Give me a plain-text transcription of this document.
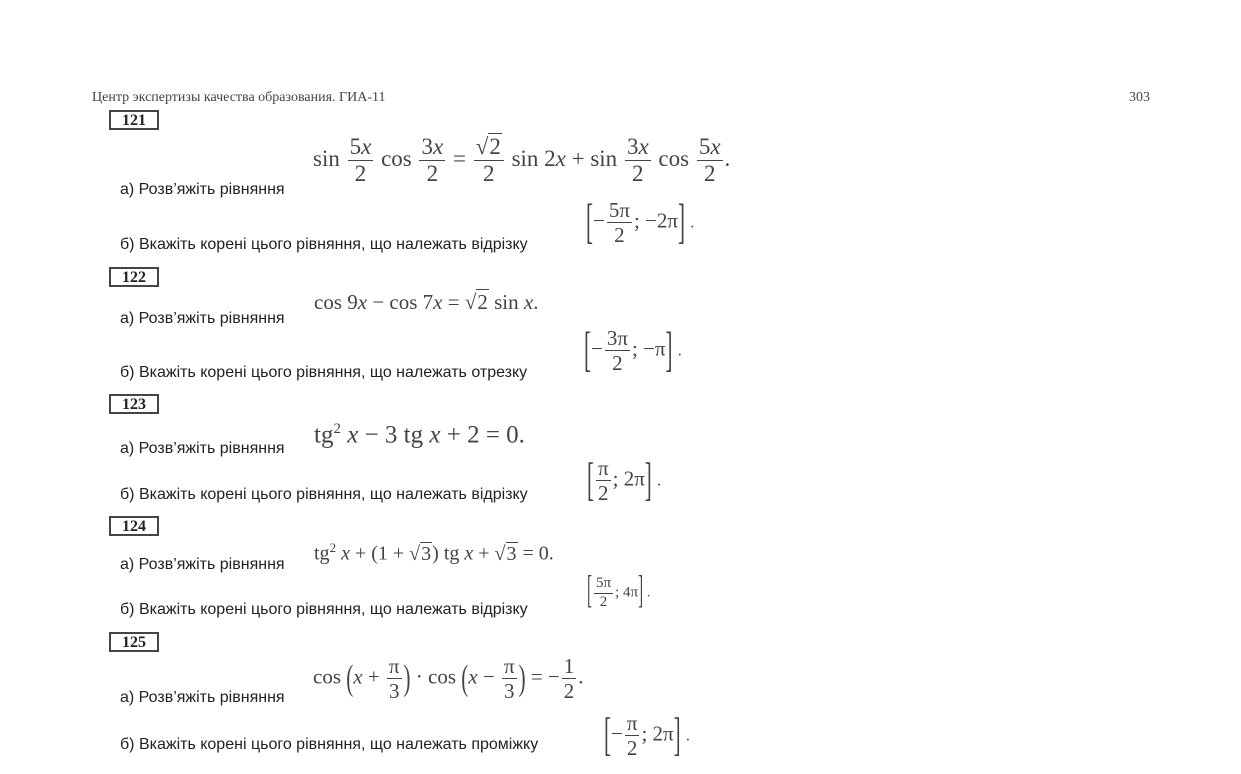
Центр экспертизы качества образования. ГИА-11	303
121
$\sin \frac{5x}{2}$ $\cos \frac{3x}{2} = \frac{√2}{2}$ $\sin 2x + \sin \frac{3x}{2}$ $\cos \frac{5x}{2}$ .
а) Розв’яжіть рівняння
[− $\frac{5\pi}{2}$ ; −2π] .
б) Вкажіть корені цього рівняння, що належать відрізку
122
cos 9x − cos 7x = √2 sin x.
а) Розв’яжіть рівняння
[− $\frac{3\pi}{2}$ ; −π] .
б) Вкажіть корені цього рівняння, що належать отрезку
123
$tg^2$ x − 3 tg x + 2 = 0.
а) Розв’яжіть рівняння
[ $\frac{\pi}{2}$ ; 2π] .
б) Вкажіть корені цього рівняння, що належать відрізку
124
$tg^2$ x + (1 + √3) tg x + √3 = 0.
а) Розв’яжіть рівняння
[ $\frac{5\pi}{2}$ ; 4π] .
б) Вкажіть корені цього рівняння, що належать відрізку
125
$\cos (x + \frac{\pi}{3}$ ) · $\cos (x - \frac{\pi}{3}$ ) = − $\frac{1}{2}$ .
а) Розв’яжіть рівняння
[− $\frac{\pi}{2}$ ; 2π] .
б) Вкажіть корені цього рівняння, що належать проміжку
